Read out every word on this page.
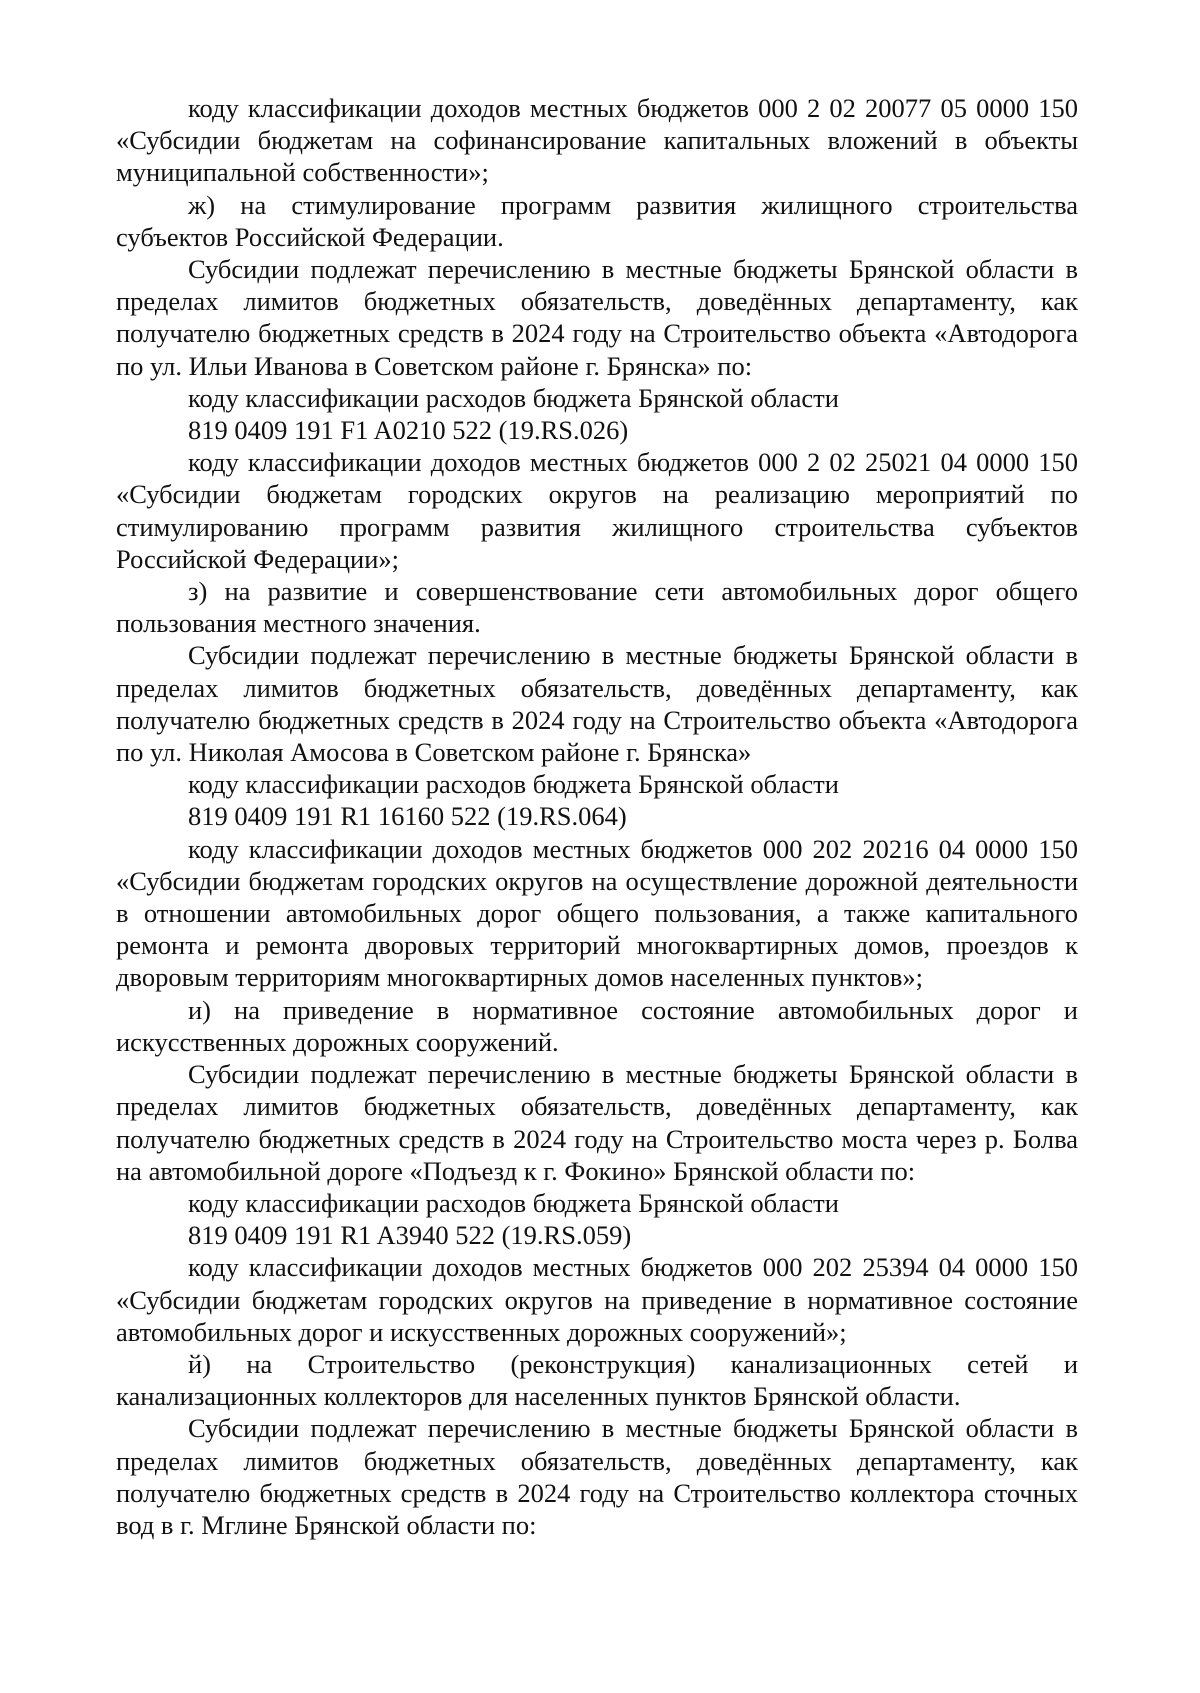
коду классификации доходов местных бюджетов 000 2 02 20077 05 0000 150 «Субсидии бюджетам на софинансирование капитальных вложений в объекты муниципальной собственности»;

ж) на стимулирование программ развития жилищного строительства субъектов Российской Федерации.

Субсидии подлежат перечислению в местные бюджеты Брянской области в пределах лимитов бюджетных обязательств, доведённых департаменту, как получателю бюджетных средств в 2024 году на Строительство объекта «Автодорога по ул. Ильи Иванова в Советском районе г. Брянска» по:

коду классификации расходов бюджета Брянской области

819 0409 191 F1 A0210 522 (19.RS.026)

коду классификации доходов местных бюджетов 000 2 02 25021 04 0000 150 «Субсидии бюджетам городских округов на реализацию мероприятий по стимулированию программ развития жилищного строительства субъектов Российской Федерации»;

з) на развитие и совершенствование сети автомобильных дорог общего пользования местного значения.

Субсидии подлежат перечислению в местные бюджеты Брянской области в пределах лимитов бюджетных обязательств, доведённых департаменту, как получателю бюджетных средств в 2024 году на Строительство объекта «Автодорога по ул. Николая Амосова в Советском районе г. Брянска»

коду классификации расходов бюджета Брянской области

819 0409 191 R1 16160 522 (19.RS.064)

коду классификации доходов местных бюджетов 000 202 20216 04 0000 150 «Субсидии бюджетам городских округов на осуществление дорожной деятельности в отношении автомобильных дорог общего пользования, а также капитального ремонта и ремонта дворовых территорий многоквартирных домов, проездов к дворовым территориям многоквартирных домов населенных пунктов»;

и) на приведение в нормативное состояние автомобильных дорог и искусственных дорожных сооружений.

Субсидии подлежат перечислению в местные бюджеты Брянской области в пределах лимитов бюджетных обязательств, доведённых департаменту, как получателю бюджетных средств в 2024 году на Строительство моста через р. Болва на автомобильной дороге «Подъезд к г. Фокино» Брянской области по:

коду классификации расходов бюджета Брянской области

819 0409 191 R1 A3940 522 (19.RS.059)

коду классификации доходов местных бюджетов 000 202 25394 04 0000 150 «Субсидии бюджетам городских округов на приведение в нормативное состояние автомобильных дорог и искусственных дорожных сооружений»;

й) на Строительство (реконструкция) канализационных сетей и канализационных коллекторов для населенных пунктов Брянской области.

Субсидии подлежат перечислению в местные бюджеты Брянской области в пределах лимитов бюджетных обязательств, доведённых департаменту, как получателю бюджетных средств в 2024 году на Строительство коллектора сточных вод в г. Мглине Брянской области по:
